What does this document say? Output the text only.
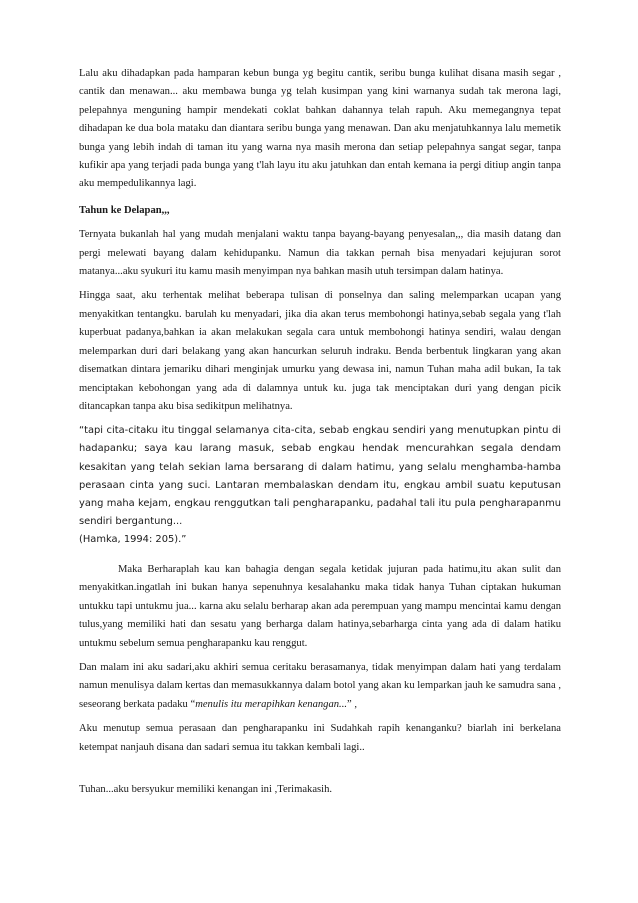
Lalu aku dihadapkan pada hamparan kebun bunga yg begitu cantik, seribu bunga kulihat disana masih segar , cantik dan menawan... aku membawa bunga yg telah kusimpan yang kini warnanya sudah tak merona lagi, pelepahnya menguning hampir mendekati coklat bahkan dahannya telah rapuh. Aku memegangnya tepat dihadapan ke dua bola mataku dan diantara seribu bunga yang menawan. Dan aku menjatuhkannya lalu memetik bunga yang lebih indah di taman itu yang warna nya masih merona dan setiap pelepahnya sangat segar, tanpa kufikir apa yang terjadi pada bunga yang t'lah layu itu aku jatuhkan dan entah kemana ia pergi ditiup angin tanpa aku mempedulikannya lagi.

Tahun ke Delapan,,,

Ternyata bukanlah hal yang mudah menjalani waktu tanpa bayang-bayang penyesalan,,, dia masih datang dan pergi melewati bayang dalam kehidupanku. Namun dia takkan pernah bisa menyadari kejujuran sorot matanya...aku syukuri itu kamu masih menyimpan nya bahkan masih utuh tersimpan dalam hatinya.

Hingga saat, aku terhentak melihat beberapa tulisan di ponselnya dan saling melemparkan ucapan yang menyakitkan tentangku. barulah ku menyadari, jika dia akan terus membohongi hatinya,sebab segala yang t'lah kuperbuat padanya,bahkan ia akan melakukan segala cara untuk membohongi hatinya sendiri, walau dengan melemparkan duri dari belakang yang akan hancurkan seluruh indraku. Benda berbentuk lingkaran yang akan disematkan dintara jemariku dihari menginjak umurku yang dewasa ini, namun Tuhan maha adil bukan, Ia tak menciptakan kebohongan yang ada di dalamnya untuk ku. juga tak menciptakan duri yang dengan picik ditancapkan tanpa aku bisa sedikitpun melihatnya.

“tapi cita-citaku itu tinggal selamanya cita-cita, sebab engkau sendiri yang menutupkan pintu di hadapanku; saya kau larang masuk, sebab engkau hendak mencurahkan segala dendam kesakitan yang telah sekian lama bersarang di dalam hatimu, yang selalu menghamba-hamba perasaan cinta yang suci. Lantaran membalaskan dendam itu, engkau ambil suatu keputusan yang maha kejam, engkau renggutkan tali pengharapanku, padahal tali itu pula pengharapanmu sendiri bergantung...
(Hamka, 1994: 205).”

Maka Berharaplah kau kan bahagia dengan segala ketidak jujuran pada hatimu,itu akan sulit dan menyakitkan.ingatlah ini bukan hanya sepenuhnya kesalahanku maka tidak hanya Tuhan ciptakan hukuman untukku tapi untukmu jua... karna aku selalu berharap akan ada perempuan yang mampu mencintai kamu dengan tulus,yang memiliki hati dan sesatu yang berharga dalam hatinya,sebarharga cinta yang ada di dalam hatiku untukmu sebelum semua pengharapanku kau renggut.

Dan malam ini aku sadari,aku akhiri semua ceritaku berasamanya, tidak menyimpan dalam hati yang terdalam namun menulisya dalam kertas dan memasukkannya dalam botol yang akan ku lemparkan jauh ke samudra sana , seseorang berkata padaku “menulis itu merapihkan kenangan...” ,

Aku menutup semua perasaan dan pengharapanku ini Sudahkah rapih kenanganku? biarlah ini berkelana ketempat nanjauh disana dan sadari semua itu takkan kembali lagi..

Tuhan...aku bersyukur memiliki kenangan ini ,Terimakasih.
